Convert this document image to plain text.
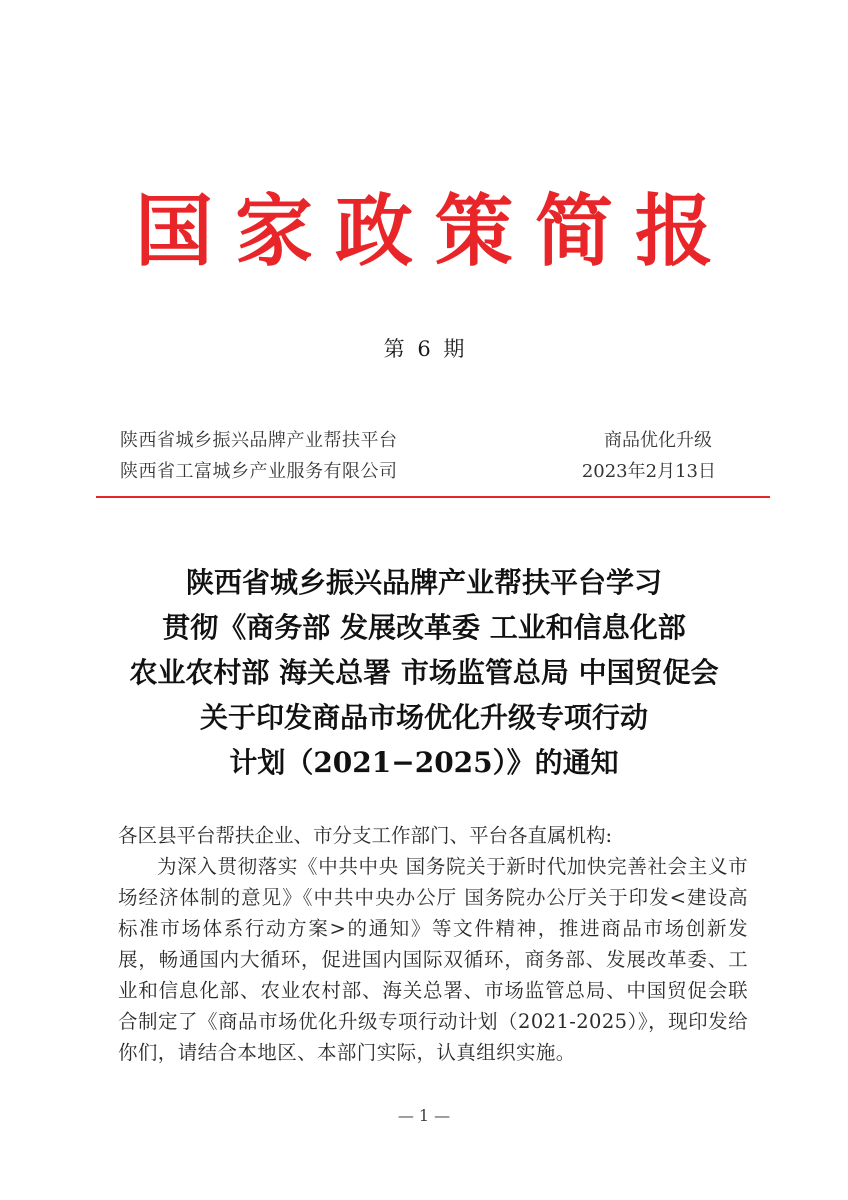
国家政策简报
第 6 期
陕西省城乡振兴品牌产业帮扶平台	商品优化升级
陕西省工富城乡产业服务有限公司	2023年2月13日
陕西省城乡振兴品牌产业帮扶平台学习
贯彻《商务部 发展改革委 工业和信息化部
农业农村部 海关总署 市场监管总局 中国贸促会
关于印发商品市场优化升级专项行动
计划（2021−2025）》的通知
各区县平台帮扶企业、市分支工作部门、平台各直属机构:
为深入贯彻落实《中共中央 国务院关于新时代加快完善社会主义市场经济体制的意见》《中共中央办公厅 国务院办公厅关于印发<建设高标准市场体系行动方案>的通知》等文件精神，推进商品市场创新发展，畅通国内大循环，促进国内国际双循环，商务部、发展改革委、工业和信息化部、农业农村部、海关总署、市场监管总局、中国贸促会联合制定了《商品市场优化升级专项行动计划（2021-2025）》，现印发给你们，请结合本地区、本部门实际，认真组织实施。
— 1 —
